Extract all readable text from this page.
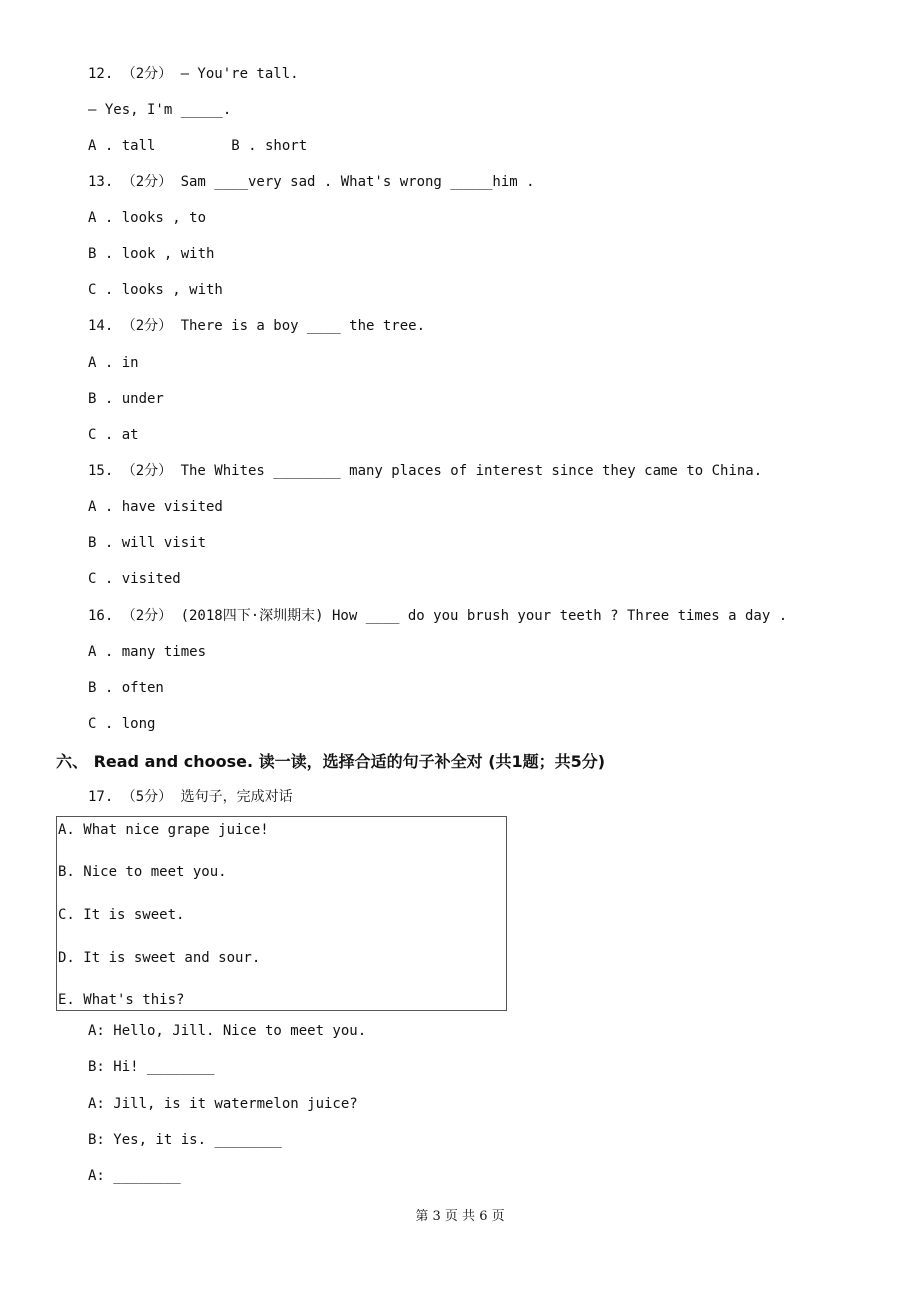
12. （2分） — You're tall.
— Yes, I'm _____.
A . tall         B . short
13. （2分） Sam ____very sad . What's wrong _____him .
A . looks , to
B . look , with
C . looks , with
14. （2分） There is a boy ____ the tree.
A . in
B . under
C . at
15. （2分） The Whites ________ many places of interest since they came to China.
A . have visited
B . will visit
C . visited
16. （2分） (2018四下·深圳期末) How ____ do you brush your teeth ? Three times a day .
A . many times
B . often
C . long
六、 Read and choose. 读一读，选择合适的句子补全对 (共1题；共5分)
17. （5分） 选句子，完成对话
A. What nice grape juice!
B. Nice to meet you.
C. It is sweet.
D. It is sweet and sour.
E. What's this?
A: Hello, Jill. Nice to meet you.
B: Hi! ________
A: Jill, is it watermelon juice?
B: Yes, it is. ________
A: ________
第 3 页 共 6 页
